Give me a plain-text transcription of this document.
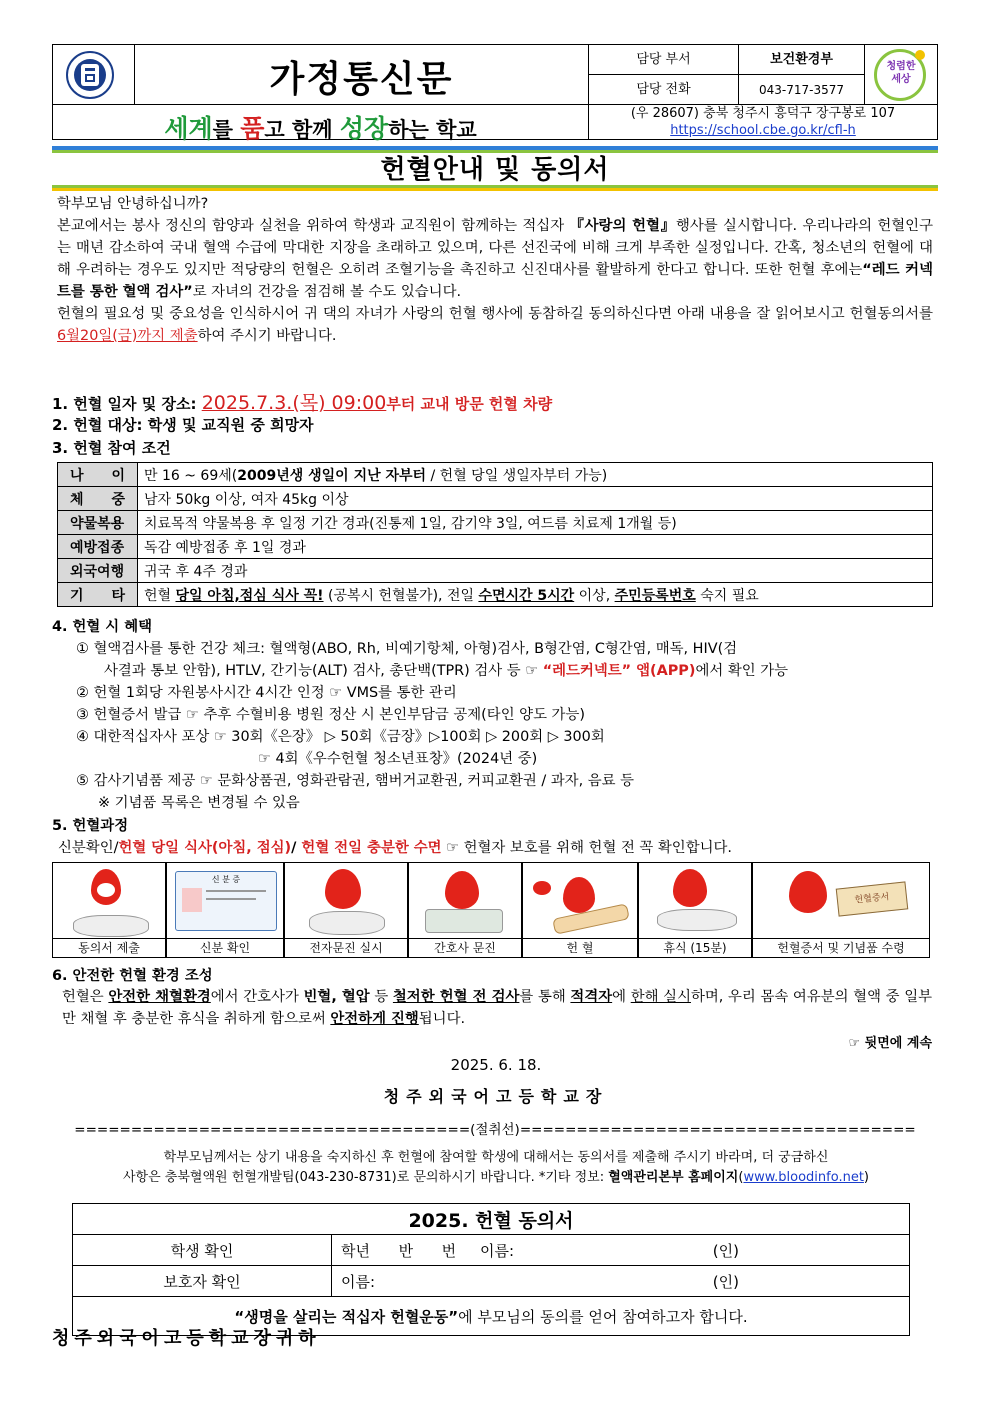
가정통신문
세계를 품고 함께 성장하는 학교
담당 부서	보건환경부
담당 전화	043-717-3577
청렴한 세상
(우 28607) 충북 청주시 흥덕구 장구봉로 107
https://school.cbe.go.kr/cfl-h
헌혈안내 및 동의서

학부모님 안녕하십니까?

본교에서는 봉사 정신의 함양과 실천을 위하여 학생과 교직원이 함께하는 적십자 『사랑의 헌혈』행사를 실시합니다. 우리나라의 헌혈인구는 매년 감소하여 국내 혈액 수급에 막대한 지장을 초래하고 있으며, 다른 선진국에 비해 크게 부족한 실정입니다. 간혹, 청소년의 헌혈에 대해 우려하는 경우도 있지만 적당량의 헌혈은 오히려 조혈기능을 촉진하고 신진대사를 활발하게 한다고 합니다. 또한 헌혈 후에는“레드 커넥트를 통한 혈액 검사”로 자녀의 건강을 점검해 볼 수도 있습니다.

헌혈의 필요성 및 중요성을 인식하시어 귀 댁의 자녀가 사랑의 헌혈 행사에 동참하길 동의하신다면 아래 내용을 잘 읽어보시고 헌혈동의서를 6월20일(금)까지 제출하여 주시기 바랍니다.

1. 헌혈 일자 및 장소: 2025.7.3.(목) 09:00부터 교내 방문 헌혈 차량
2. 헌혈 대상: 학생 및 교직원 중 희망자
3. 헌혈 참여 조건
나 이	만 16 ~ 69세(2009년생 생일이 지난 자부터 / 헌혈 당일 생일자부터 가능)
체 중	남자 50kg 이상, 여자 45kg 이상
약물복용	치료목적 약물복용 후 일정 기간 경과(진통제 1일, 감기약 3일, 여드름 치료제 1개월 등)
예방접종	독감 예방접종 후 1일 경과
외국여행	귀국 후 4주 경과
기 타	헌혈 당일 아침,점심 식사 꼭! (공복시 헌혈불가), 전일 수면시간 5시간 이상, 주민등록번호 숙지 필요
4. 헌혈 시 혜택
① 혈액검사를 통한 건강 체크: 혈액형(ABO, Rh, 비예기항체, 아형)검사, B형간염, C형간염, 매독, HIV(검
사결과 통보 안함), HTLV, 간기능(ALT) 검사, 총단백(TPR) 검사 등 ☞ “레드커넥트” 앱(APP)에서 확인 가능
② 헌혈 1회당 자원봉사시간 4시간 인정 ☞ VMS를 통한 관리
③ 헌혈증서 발급 ☞ 추후 수혈비용 병원 정산 시 본인부담금 공제(타인 양도 가능)
④ 대한적십자사 포상 ☞ 30회《은장》 ▷ 50회《금장》▷100회 ▷ 200회 ▷ 300회
☞ 4회《우수헌혈 청소년표창》(2024년 중)
⑤ 감사기념품 제공 ☞ 문화상품권, 영화관람권, 햄버거교환권, 커피교환권 / 과자, 음료 등
※ 기념품 목록은 변경될 수 있음
5. 헌혈과정
신분확인/헌혈 당일 식사(아침, 점심)/ 헌혈 전일 충분한 수면 ☞ 헌혈자 보호를 위해 헌혈 전 꼭 확인합니다.
동의서 제출
신 분 증
신분 확인	전자문진 실시	간호사 문진	헌 혈	휴식 (15분)
헌혈증서
헌혈증서 및 기념품 수령
6. 안전한 헌혈 환경 조성

헌혈은 안전한 채혈환경에서 간호사가 빈혈, 혈압 등 철저한 헌혈 전 검사를 통해 적격자에 한해 실시하며, 우리 몸속 여유분의 혈액 중 일부만 채혈 후 충분한 휴식을 취하게 함으로써 안전하게 진행됩니다.

☞ 뒷면에 계속
2025. 6. 18.
청주외국어고등학교장
===================================(절취선)===================================
학부모님께서는 상기 내용을 숙지하신 후 헌혈에 참여할 학생에 대해서는 동의서를 제출해 주시기 바라며, 더 궁금하신
사항은 충북혈액원 헌혈개발팀(043-230-8731)로 문의하시기 바랍니다. *기타 정보: 혈액관리본부 홈페이지(www.bloodinfo.net)
2025. 헌혈 동의서	
학생 확인	학년      반      번     이름: (인)

보호자 확인	이름: (인)

“생명을 살리는 적십자 헌혈운동”에 부모님의 동의를 얻어 참여하고자 합니다.	
청주외국어고등학교장귀하
